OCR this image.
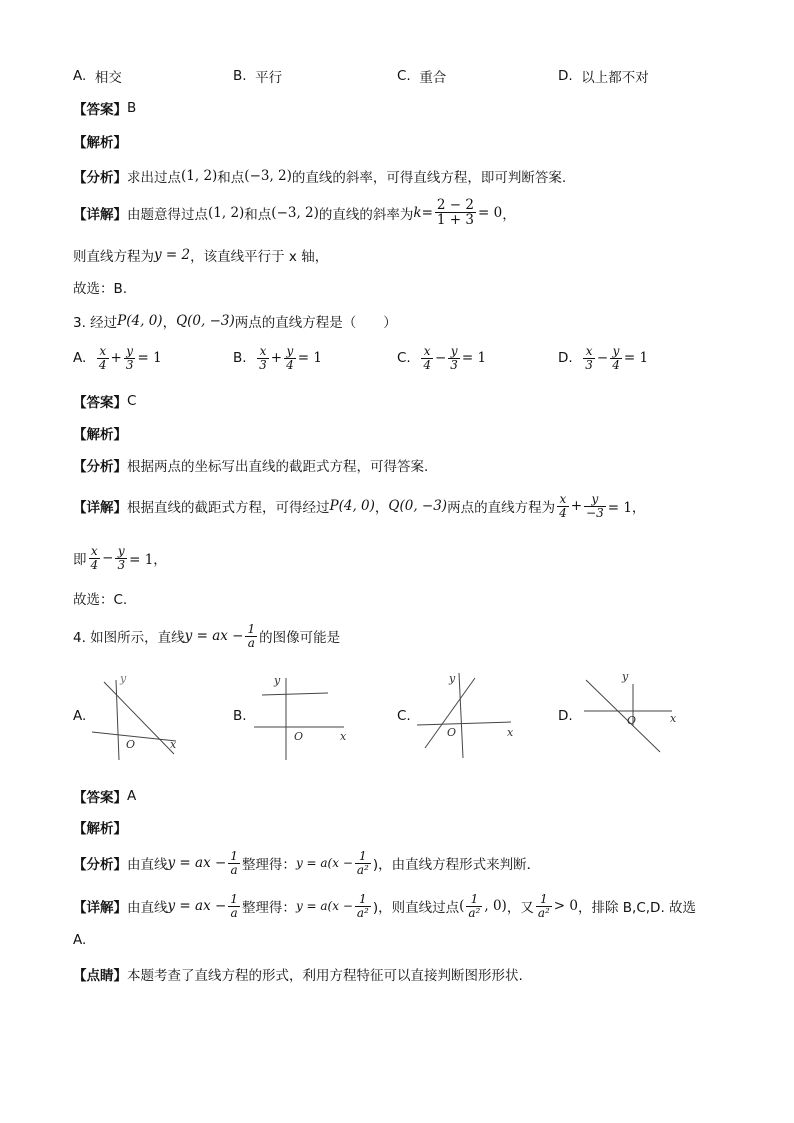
A. 相交	B. 平行	C. 重合	D. 以上都不对
【答案】 B
【解析】
【分析】 求出过点 (1, 2) 和点 (−3, 2) 的直线的斜率，可得直线方程，即可判断答案.
【详解】 由题意得过点 (1, 2) 和点 (−3, 2) 的直线的斜率为 $k = \frac{2 - 2}{1 + 3} = 0$ ，
则直线方程为 y = 2 ，该直线平行于 x 轴，
故选：B.
3. 经过 P(4, 0) ， Q(0, −3) 两点的直线方程是（　　）
A.
$\frac{x}{4} + \frac{y}{3} = 1$	B.
$\frac{x}{3} + \frac{y}{4} = 1$	C.
$\frac{x}{4} - \frac{y}{3} = 1$	D.
$\frac{x}{3} - \frac{y}{4} = 1$
【答案】 C
【解析】
【分析】 根据两点的坐标写出直线的截距式方程，可得答案.
【详解】 根据直线的截距式方程，可得经过 P(4, 0) ， Q(0, −3) 两点的直线方程为 $\frac{x}{4} + \frac{y}{-3} = 1$，
即 $\frac{x}{4} - \frac{y}{3} = 1$，
故选：C.
4. 如图所示，直线 y = ax − $\frac{1}{a}$ 的图像可能是
A.
x
y
O
B.
x
y
O
C.
x
y
O
D.	x
y
O
【答案】 A
【解析】
【分析】 由直线 y = ax − $\frac{1}{a}$ 整理得： $y = a(x - \frac{1}{\text{a²}}$ )，由直线方程形式来判断．
【详解】 由直线 y = ax − $\frac{1}{a}$ 整理得： $y = a(x - \frac{1}{\text{a²}}$ )，则直线过点 ( $\frac{1}{\text{a²}}$ , 0) ，又 $\frac{1}{\text{a²}} > 0$ ，排除 B,C,D. 故选
A.
【点睛】 本题考查了直线方程的形式，利用方程特征可以直接判断图形形状.
